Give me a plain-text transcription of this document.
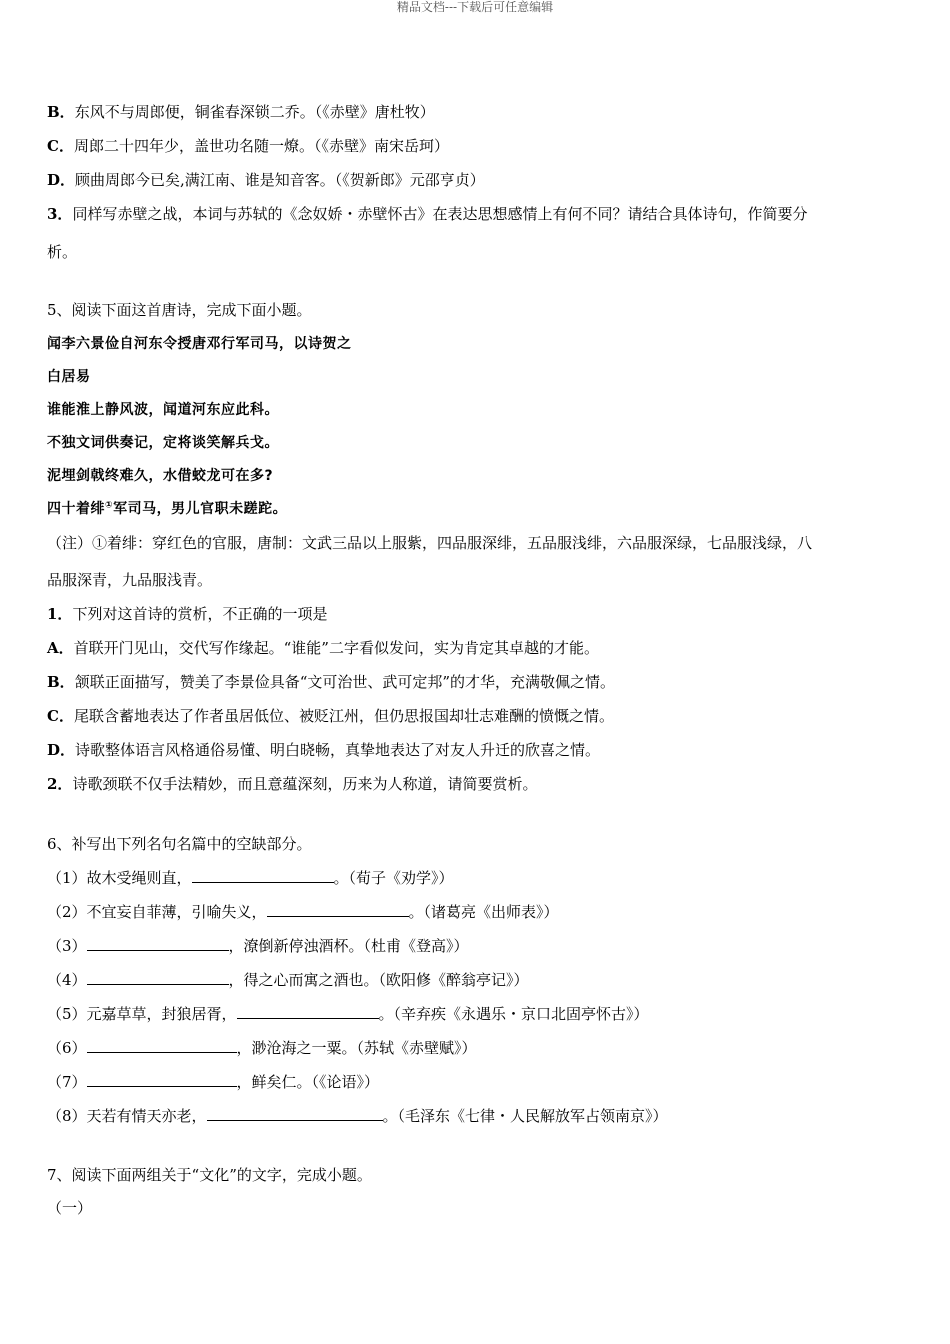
精品文档---下载后可任意编辑
B．东风不与周郎便，铜雀春深锁二乔。（《赤壁》唐杜牧）
C．周郎二十四年少，盖世功名随一燎。（《赤壁》南宋岳珂）
D．顾曲周郎今已矣,满江南、谁是知音客。（《贺新郎》元邵亨贞）
3．同样写赤壁之战，本词与苏轼的《念奴娇・赤壁怀古》在表达思想感情上有何不同？请结合具体诗句，作简要分
析。
5、阅读下面这首唐诗，完成下面小题。
闻李六景俭自河东令授唐邓行军司马，以诗贺之
白居易
谁能淮上静风波，闻道河东应此科。
不独文词供奏记，定将谈笑解兵戈。
泥埋剑戟终难久，水借蛟龙可在多?
四十着绯①军司马，男儿官职未蹉跎。
（注）①着绯：穿红色的官服，唐制：文武三品以上服紫，四品服深绯，五品服浅绯，六品服深绿，七品服浅绿，八
品服深青，九品服浅青。
1．下列对这首诗的赏析，不正确的一项是
A．首联开门见山，交代写作缘起。“谁能”二字看似发问，实为肯定其卓越的才能。
B．颔联正面描写，赞美了李景俭具备“文可治世、武可定邦”的才华，充满敬佩之情。
C．尾联含蓄地表达了作者虽居低位、被贬江州，但仍思报国却壮志难酬的愤慨之情。
D．诗歌整体语言风格通俗易懂、明白晓畅，真挚地表达了对友人升迁的欣喜之情。
2．诗歌颈联不仅手法精妙，而且意蕴深刻，历来为人称道，请简要赏析。
6、补写出下列名句名篇中的空缺部分。
（1）故木受绳则直，	。（荀子《劝学》）
（2）不宜妄自菲薄，引喻失义，	。（诸葛亮《出师表》）
（3）	，潦倒新停浊酒杯。（杜甫《登高》）
（4）	，得之心而寓之酒也。（欧阳修《醉翁亭记》）
（5）元嘉草草，封狼居胥，	。（辛弃疾《永遇乐・京口北固亭怀古》）
（6）	，渺沧海之一粟。（苏轼《赤壁赋》）
（7）	，鲜矣仁。（《论语》）
（8）天若有情天亦老，	。（毛泽东《七律・人民解放军占领南京》）
7、阅读下面两组关于“文化”的文字，完成小题。
（一）
